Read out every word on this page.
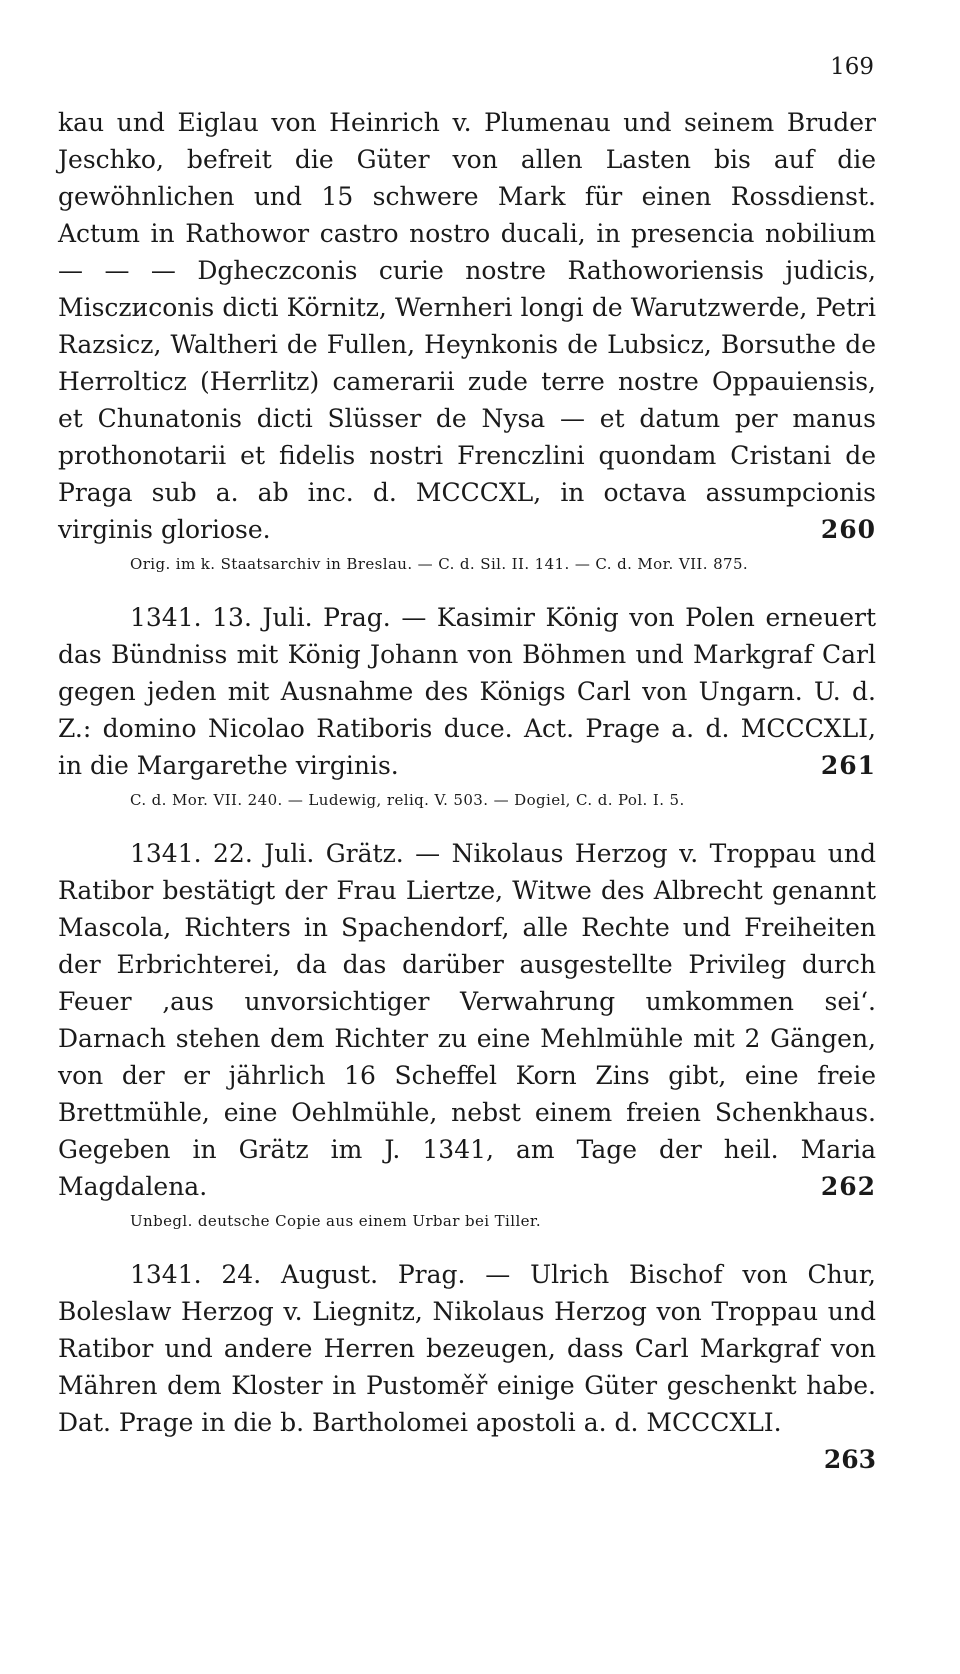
169

kau und Eiglau von Heinrich v. Plumenau und seinem Bruder Jeschko, befreit die Güter von allen Lasten bis auf die gewöhnlichen und 15 schwere Mark für einen Rossdienst. Actum in Rathowor castro nostro ducali, in presencia nobilium — — — Dgheczconis curie nostre Rathoworiensis judicis, Misczиconis dicti Körnitz, Wernheri longi de Warutzwerde, Petri Razsicz, Waltheri de Fullen, Heynkonis de Lubsicz, Borsuthe de Herrolticz (Herrlitz) camerarii zude terre nostre Oppauiensis, et Chunatonis dicti Slüsser de Nysa — et datum per manus prothonotarii et fidelis nostri Frenczlini quondam Cristani de Praga sub a. ab inc. d. MCCCXL, in octava assumpcionis virginis gloriose.	260

Orig. im k. Staatsarchiv in Breslau. — C. d. Sil. II. 141. — C. d. Mor. VII. 875.

1341. 13. Juli. Prag. — Kasimir König von Polen erneuert das Bündniss mit König Johann von Böhmen und Markgraf Carl gegen jeden mit Ausnahme des Königs Carl von Ungarn. U. d. Z.: domino Nicolao Ratiboris duce. Act. Prage a. d. MCCCXLI, in die Margarethe virginis.	261

C. d. Mor. VII. 240. — Ludewig, reliq. V. 503. — Dogiel, C. d. Pol. I. 5.

1341. 22. Juli. Grätz. — Nikolaus Herzog v. Troppau und Ratibor bestätigt der Frau Liertze, Witwe des Albrecht genannt Mascola, Richters in Spachendorf, alle Rechte und Freiheiten der Erbrichterei, da das darüber ausgestellte Privileg durch Feuer ‚aus unvorsichtiger Verwahrung umkommen sei‘. Darnach stehen dem Richter zu eine Mehlmühle mit 2 Gängen, von der er jährlich 16 Scheffel Korn Zins gibt, eine freie Brettmühle, eine Oehlmühle, nebst einem freien Schenkhaus. Gegeben in Grätz im J. 1341, am Tage der heil. Maria Magdalena.	262

Unbegl. deutsche Copie aus einem Urbar bei Tiller.

1341. 24. August. Prag. — Ulrich Bischof von Chur, Boleslaw Herzog v. Liegnitz, Nikolaus Herzog von Troppau und Ratibor und andere Herren bezeugen, dass Carl Markgraf von Mähren dem Kloster in Pustoměř einige Güter geschenkt habe. Dat. Prage in die b. Bartholomei apostoli a. d. MCCCXLI.

263
